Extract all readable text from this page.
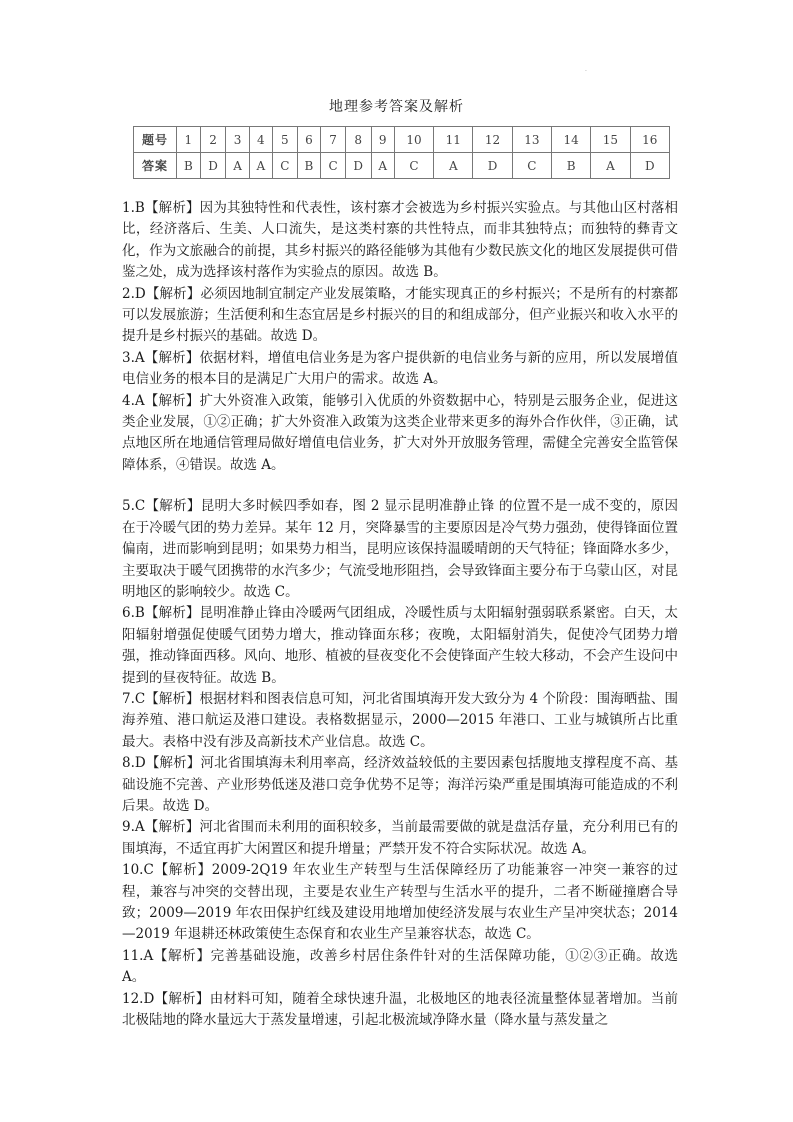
.
地理参考答案及解析
题号	1	2	3	4	5	6	7	8	9	10	11	12	13	14	15	16
答案	B	D	A	A	C	B	C	D	A	C	A	D	C	B	A	D

1.B【解析】因为其独特性和代表性，该村寨才会被选为乡村振兴实验点。与其他山区村落相比，经济落后、生美、人口流失，是这类村寨的共性特点，而非其独特点；而独特的彝青文化，作为文旅融合的前提，其乡村振兴的路径能够为其他有少数民族文化的地区发展提供可借鉴之处，成为选择该村落作为实验点的原因。故选 B。

2.D【解析】必须因地制宜制定产业发展策略，才能实现真正的乡村振兴；不是所有的村寨都可以发展旅游；生活便利和生态宜居是乡村振兴的目的和组成部分，但产业振兴和收入水平的提升是乡村振兴的基础。故选 D。

3.A【解析】依据材料，增值电信业务是为客户提供新的电信业务与新的应用，所以发展增值电信业务的根本目的是满足广大用户的需求。故选 A。

4.A【解析】扩大外资准入政策，能够引入优质的外资数据中心，特别是云服务企业，促进这类企业发展，①②正确；扩大外资准入政策为这类企业带来更多的海外合作伙伴，③正确，试点地区所在地通信管理局做好增值电信业务，扩大对外开放服务管理，需健全完善安全监管保障体系，④错误。故选 A。

5.C【解析】昆明大多时候四季如春，图 2 显示昆明准静止锋 的位置不是一成不变的，原因在于冷暖气团的势力差异。某年 12 月，突降暴雪的主要原因是冷气势力强劲，使得锋面位置偏南，进而影响到昆明；如果势力相当，昆明应该保持温暖晴朗的天气特征；锋面降水多少，主要取决于暖气团携带的水汽多少；气流受地形阻挡，会导致锋面主要分布于乌蒙山区，对昆明地区的影响较少。故选 C。

6.B【解析】昆明准静止锋由冷暖两气团组成，冷暖性质与太阳辐射强弱联系紧密。白天，太阳辐射增强促使暖气团势力增大，推动锋面东移；夜晚，太阳辐射消失，促使冷气团势力增强，推动锋面西移。风向、地形、植被的昼夜变化不会使锋面产生较大移动，不会产生设问中提到的昼夜特征。故选 B。

7.C【解析】根据材料和图表信息可知，河北省围填海开发大致分为 4 个阶段：围海晒盐、围海养殖、港口航运及港口建设。表格数据显示，2000—2015 年港口、工业与城镇所占比重最大。表格中没有涉及高新技术产业信息。故选 C。

8.D【解析】河北省围填海未利用率高，经济效益较低的主要因素包括腹地支撑程度不高、基础设施不完善、产业形势低迷及港口竞争优势不足等；海洋污染严重是围填海可能造成的不利后果。故选 D。

9.A【解析】河北省围而未利用的面积较多，当前最需要做的就是盘活存量，充分利用已有的围填海，不适宜再扩大闲置区和提升增量；严禁开发不符合实际状况。故选 A。

10.C【解析】2009-2Q19 年农业生产转型与生活保障经历了功能兼容一冲突一兼容的过程，兼容与冲突的交替出现，主要是农业生产转型与生活水平的提升，二者不断碰撞磨合导致；2009—2019 年农田保护红线及建设用地增加使经济发展与农业生产呈冲突状态；2014—2019 年退耕还林政策使生态保育和农业生产呈兼容状态，故选 C。

11.A【解析】完善基础设施，改善乡村居住条件针对的生活保障功能，①②③正确。故选 A。

12.D【解析】由材料可知，随着全球快速升温，北极地区的地表径流量整体显著增加。当前北极陆地的降水量远大于蒸发量增速，引起北极流域净降水量（降水量与蒸发量之
